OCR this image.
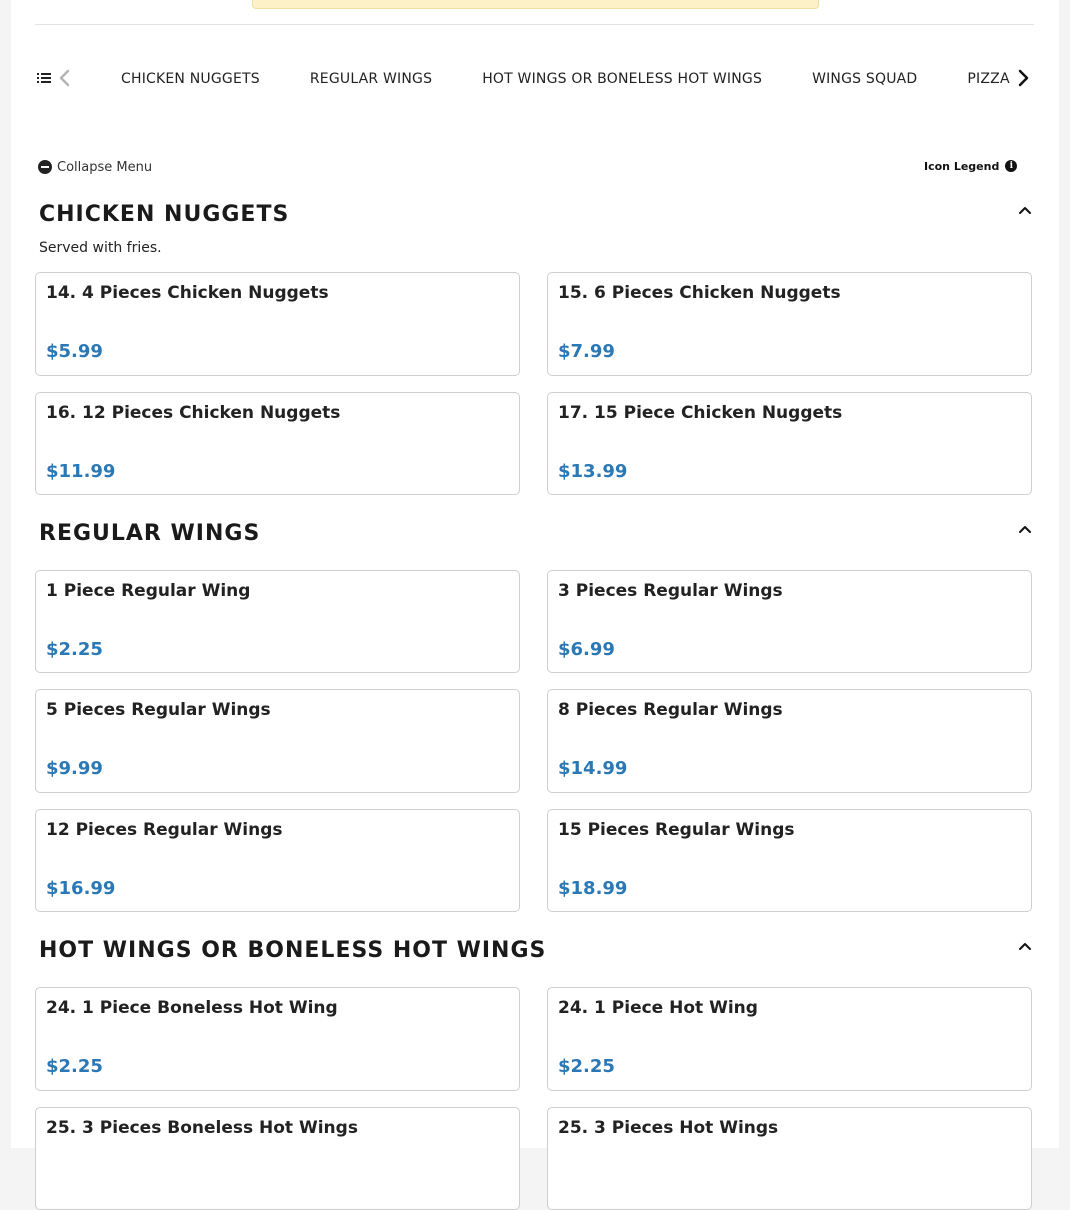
CHICKEN NUGGETS	REGULAR WINGS	HOT WINGS OR BONELESS HOT WINGS	WINGS SQUAD	PIZZA
Collapse Menu	Icon Legend	i
CHICKEN NUGGETS
Served with fries.
14. 4 Pieces Chicken Nuggets
$5.99
15. 6 Pieces Chicken Nuggets
$7.99
16. 12 Pieces Chicken Nuggets
$11.99
17. 15 Piece Chicken Nuggets
$13.99
REGULAR WINGS
1 Piece Regular Wing
$2.25
3 Pieces Regular Wings
$6.99
5 Pieces Regular Wings
$9.99
8 Pieces Regular Wings
$14.99
12 Pieces Regular Wings
$16.99
15 Pieces Regular Wings
$18.99
HOT WINGS OR BONELESS HOT WINGS
24. 1 Piece Boneless Hot Wing
$2.25
24. 1 Piece Hot Wing
$2.25
25. 3 Pieces Boneless Hot Wings	25. 3 Pieces Hot Wings
